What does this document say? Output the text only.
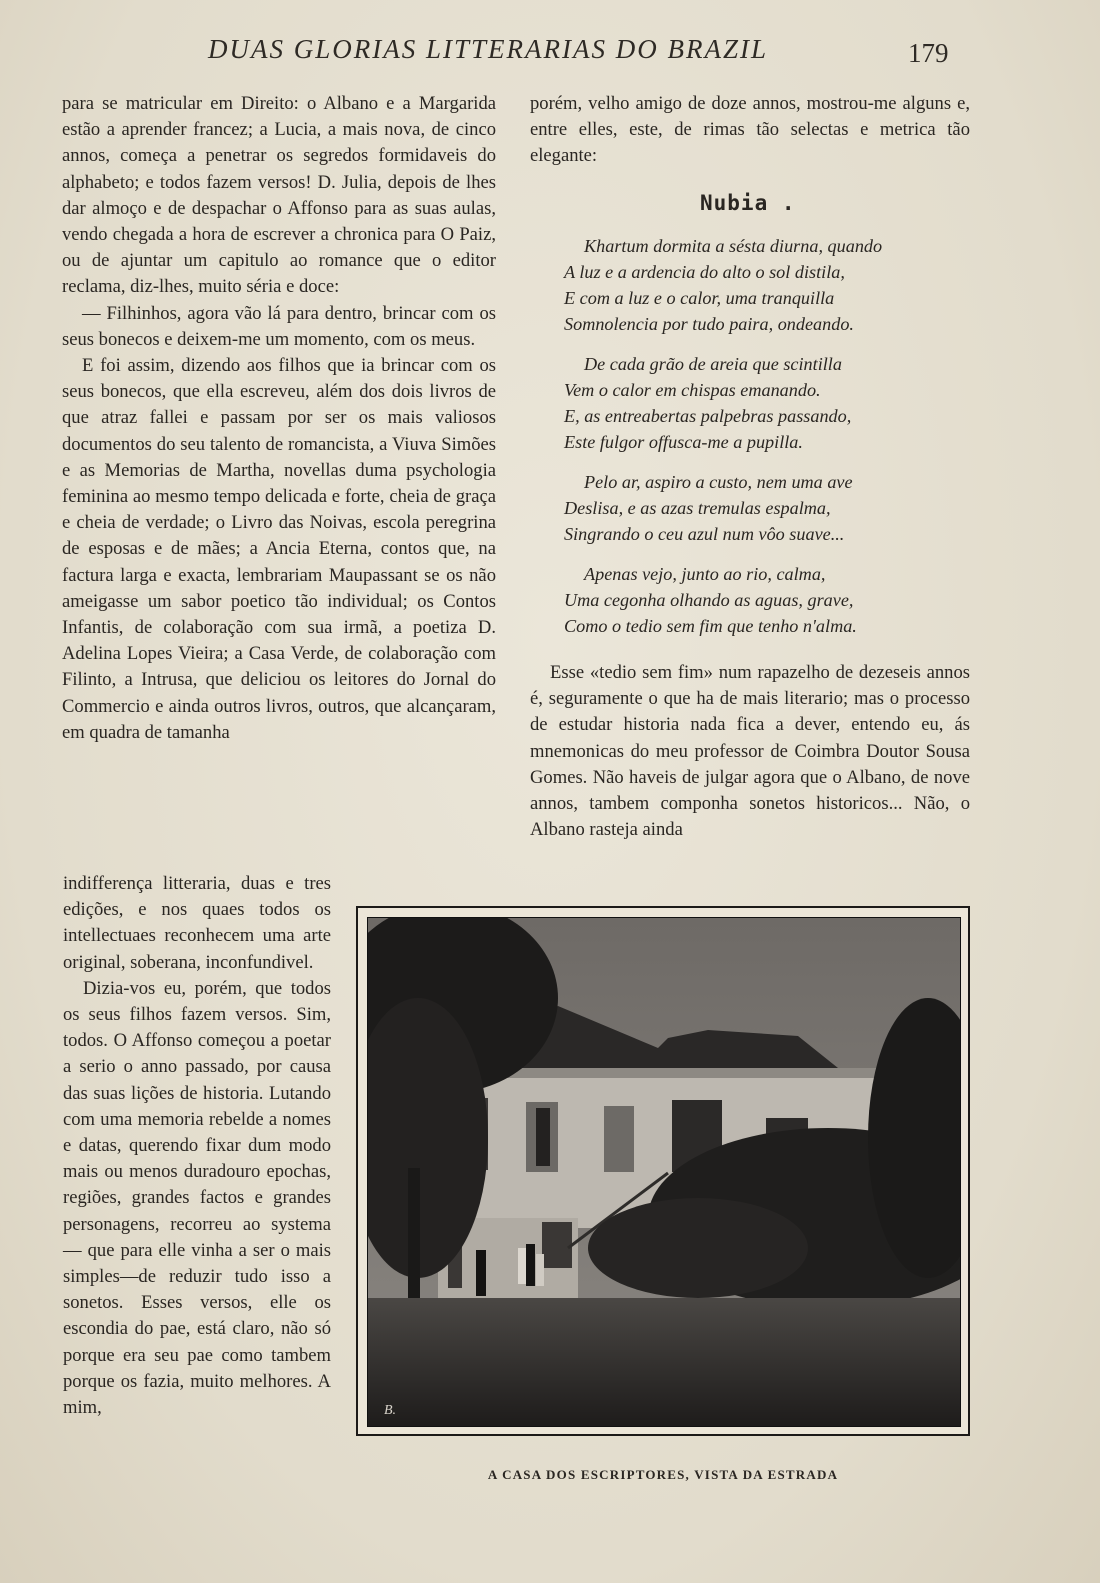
DUAS GLORIAS LITTERARIAS DO BRAZIL	179

para se matricular em Direito: o Albano e a Margarida estão a aprender francez; a Lucia, a mais nova, de cinco annos, começa a penetrar os segredos formidaveis do alphabeto; e todos fazem versos! D. Julia, depois de lhes dar almoço e de despachar o Affonso para as suas aulas, vendo chegada a hora de escrever a chronica para O Paiz, ou de ajuntar um capitulo ao romance que o editor reclama, diz-lhes, muito séria e doce:

— Filhinhos, agora vão lá para dentro, brincar com os seus bonecos e deixem-me um momento, com os meus.

E foi assim, dizendo aos filhos que ia brincar com os seus bonecos, que ella escreveu, além dos dois livros de que atraz fallei e passam por ser os mais valiosos documentos do seu talento de romancista, a Viuva Simões e as Memorias de Martha, novellas duma psychologia feminina ao mesmo tempo delicada e forte, cheia de graça e cheia de verdade; o Livro das Noivas, escola peregrina de esposas e de mães; a Ancia Eterna, contos que, na factura larga e exacta, lembrariam Maupassant se os não ameigasse um sabor poetico tão individual; os Contos Infantis, de colaboração com sua irmã, a poetiza D. Adelina Lopes Vieira; a Casa Verde, de colaboração com Filinto, a Intrusa, que deliciou os leitores do Jornal do Commercio e ainda outros livros, outros, que alcançaram, em quadra de tamanha

indifferença litteraria, duas e tres edições, e nos quaes todos os intellectuaes reconhecem uma arte original, soberana, inconfundivel.

Dizia-vos eu, porém, que todos os seus filhos fazem versos. Sim, todos. O Affonso começou a poetar a serio o anno passado, por causa das suas lições de historia. Lutando com uma memoria rebelde a nomes e datas, querendo fixar dum modo mais ou menos duradouro epochas, regiões, grandes factos e grandes personagens, recorreu ao systema — que para elle vinha a ser o mais simples—de reduzir tudo isso a sonetos. Esses versos, elle os escondia do pae, está claro, não só porque era seu pae como tambem porque os fazia, muito melhores. A mim,

porém, velho amigo de doze annos, mostrou-me alguns e, entre elles, este, de rimas tão selectas e metrica tão elegante:

Nubia .
Khartum dormita a sésta diurna, quando
A luz e a ardencia do alto o sol distila,
E com a luz e o calor, uma tranquilla
Somnolencia por tudo paira, ondeando.
De cada grão de areia que scintilla
Vem o calor em chispas emanando.
E, as entreabertas palpebras passando,
Este fulgor offusca-me a pupilla.
Pelo ar, aspiro a custo, nem uma ave
Deslisa, e as azas tremulas espalma,
Singrando o ceu azul num vôo suave...
Apenas vejo, junto ao rio, calma,
Uma cegonha olhando as aguas, grave,
Como o tedio sem fim que tenho n'alma.

Esse «tedio sem fim» num rapazelho de dezeseis annos é, seguramente o que ha de mais literario; mas o processo de estudar historia nada fica a dever, entendo eu, ás mnemonicas do meu professor de Coimbra Doutor Sousa Gomes. Não haveis de julgar agora que o Albano, de nove annos, tambem componha sonetos historicos... Não, o Albano rasteja ainda

B.
A CASA DOS ESCRIPTORES, VISTA DA ESTRADA
